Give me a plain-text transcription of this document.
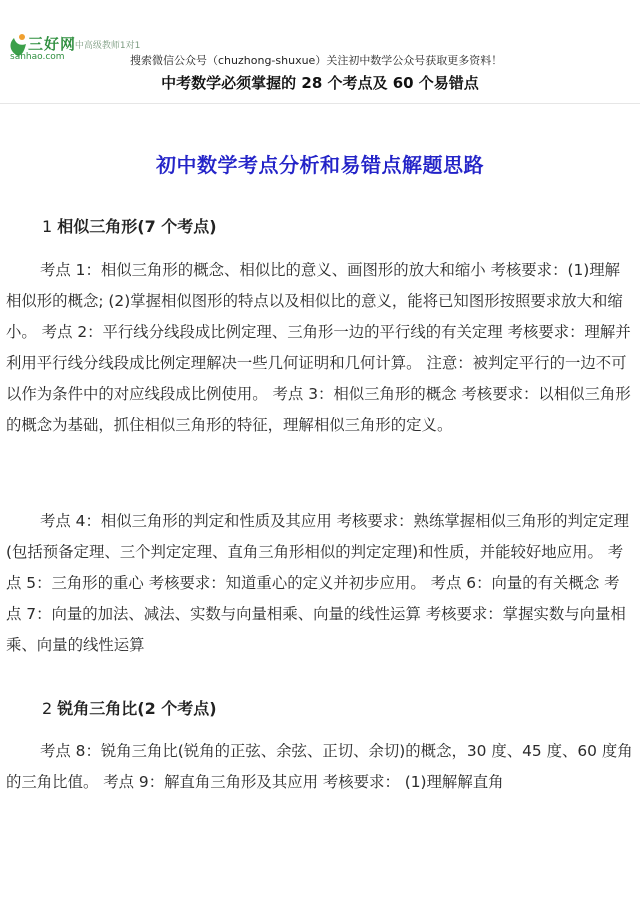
三好网
·中高级教师1对1
sanhao.com	搜索微信公众号（chuzhong-shuxue）关注初中数学公众号获取更多资料！
中考数学必须掌握的 28 个考点及 60 个易错点
初中数学考点分析和易错点解题思路
1 相似三角形(7 个考点)

考点 1：相似三角形的概念、相似比的意义、画图形的放大和缩小 考核要求：(1)理解相似形的概念; (2)掌握相似图形的特点以及相似比的意义，能将已知图形按照要求放大和缩小。 考点 2：平行线分线段成比例定理、三角形一边的平行线的有关定理 考核要求：理解并利用平行线分线段成比例定理解决一些几何证明和几何计算。 注意：被判定平行的一边不可以作为条件中的对应线段成比例使用。 考点 3：相似三角形的概念 考核要求：以相似三角形的概念为基础，抓住相似三角形的特征，理解相似三角形的定义。

考点 4：相似三角形的判定和性质及其应用 考核要求：熟练掌握相似三角形的判定定理(包括预备定理、三个判定定理、直角三角形相似的判定定理)和性质，并能较好地应用。 考点 5：三角形的重心 考核要求：知道重心的定义并初步应用。 考点 6：向量的有关概念 考点 7：向量的加法、减法、实数与向量相乘、向量的线性运算 考核要求：掌握实数与向量相乘、向量的线性运算

2 锐角三角比(2 个考点)

考点 8：锐角三角比(锐角的正弦、余弦、正切、余切)的概念，30 度、45 度、60 度角的三角比值。 考点 9：解直角三角形及其应用 考核要求： (1)理解解直角
